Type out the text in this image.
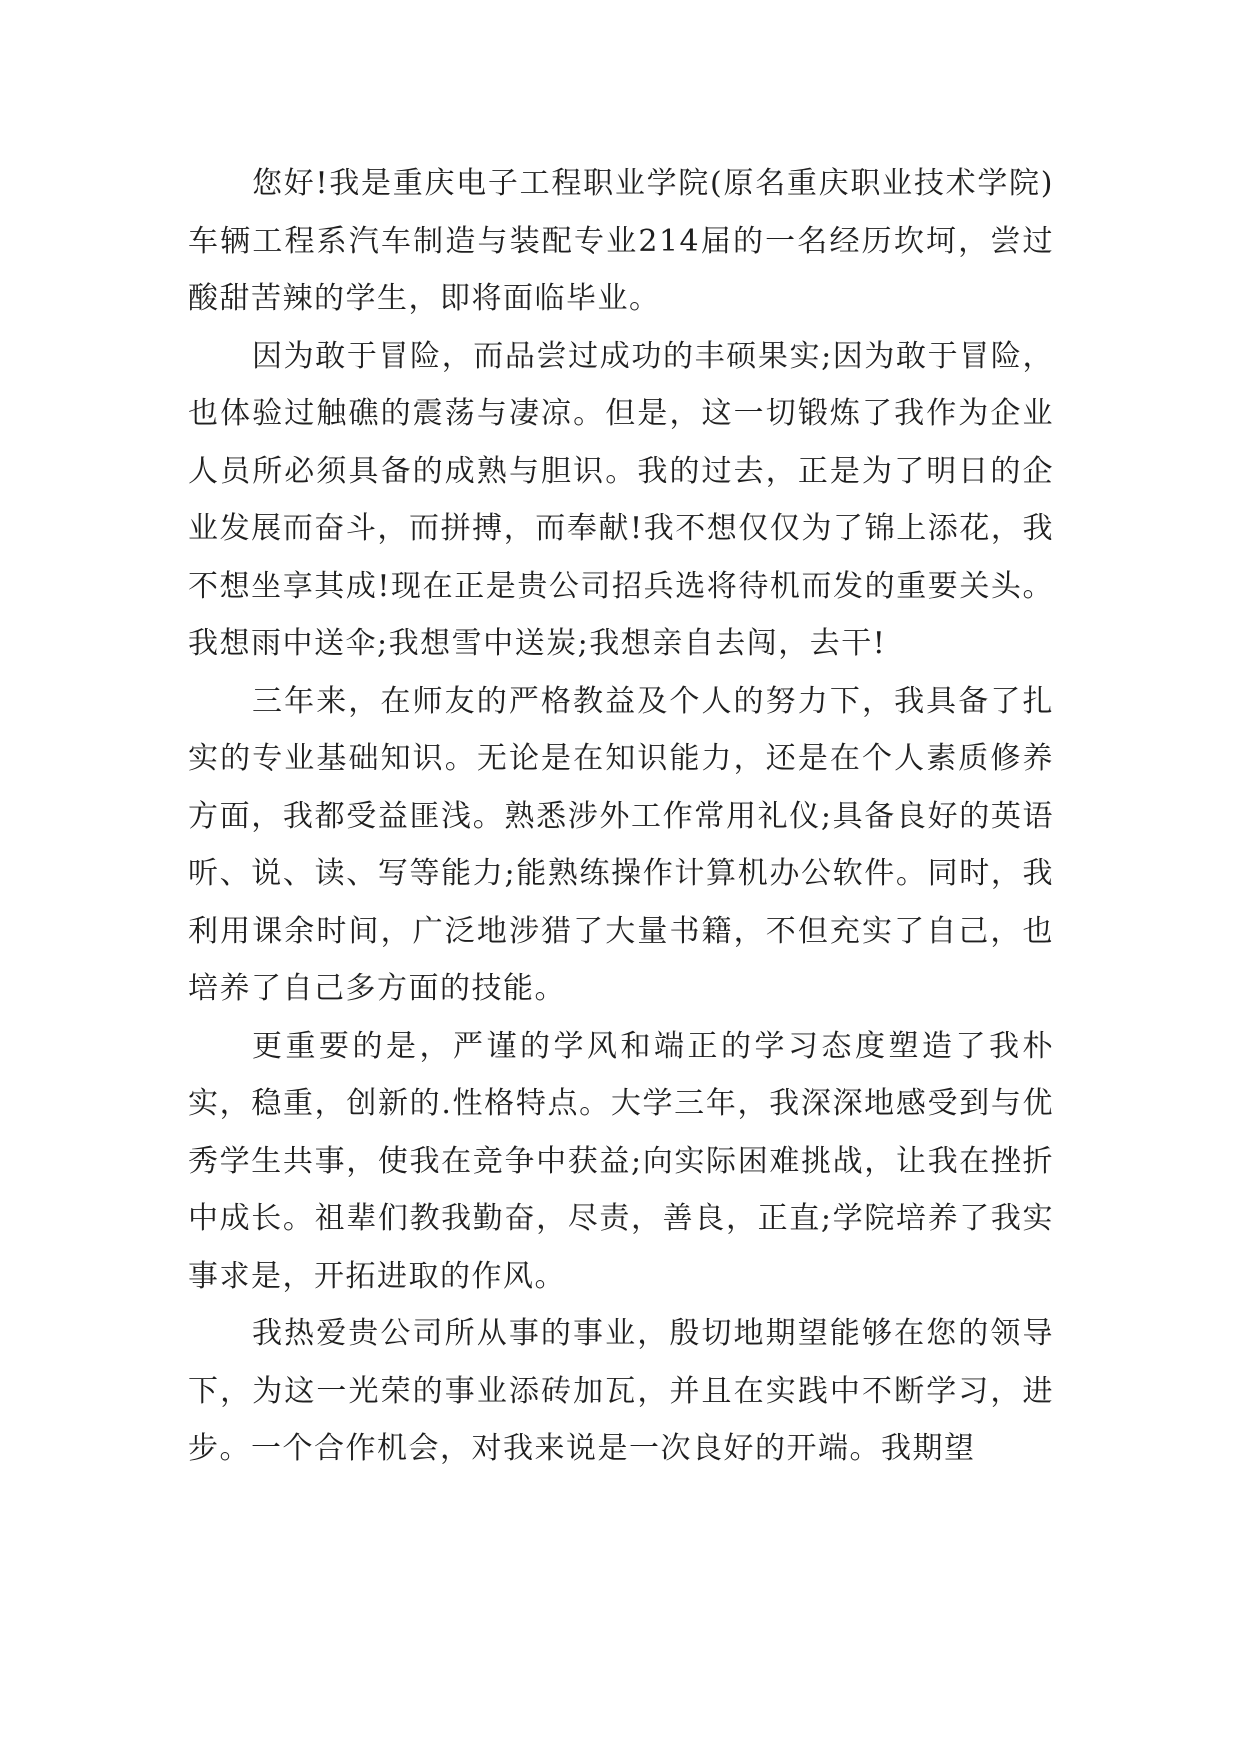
您好!我是重庆电子工程职业学院(原名重庆职业技术学院)车辆工程系汽车制造与装配专业214届的一名经历坎坷，尝过酸甜苦辣的学生，即将面临毕业。

因为敢于冒险，而品尝过成功的丰硕果实;因为敢于冒险，也体验过触礁的震荡与凄凉。但是，这一切锻炼了我作为企业人员所必须具备的成熟与胆识。我的过去，正是为了明日的企业发展而奋斗，而拼搏，而奉献!我不想仅仅为了锦上添花，我不想坐享其成!现在正是贵公司招兵选将待机而发的重要关头。我想雨中送伞;我想雪中送炭;我想亲自去闯，去干!

三年来，在师友的严格教益及个人的努力下，我具备了扎实的专业基础知识。无论是在知识能力，还是在个人素质修养方面，我都受益匪浅。熟悉涉外工作常用礼仪;具备良好的英语听、说、读、写等能力;能熟练操作计算机办公软件。同时，我利用课余时间，广泛地涉猎了大量书籍，不但充实了自己，也培养了自己多方面的技能。

更重要的是，严谨的学风和端正的学习态度塑造了我朴实，稳重，创新的.性格特点。大学三年，我深深地感受到与优秀学生共事，使我在竞争中获益;向实际困难挑战，让我在挫折中成长。祖辈们教我勤奋，尽责，善良，正直;学院培养了我实事求是，开拓进取的作风。

我热爱贵公司所从事的事业，殷切地期望能够在您的领导下，为这一光荣的事业添砖加瓦，并且在实践中不断学习，进步。一个合作机会，对我来说是一次良好的开端。我期望
